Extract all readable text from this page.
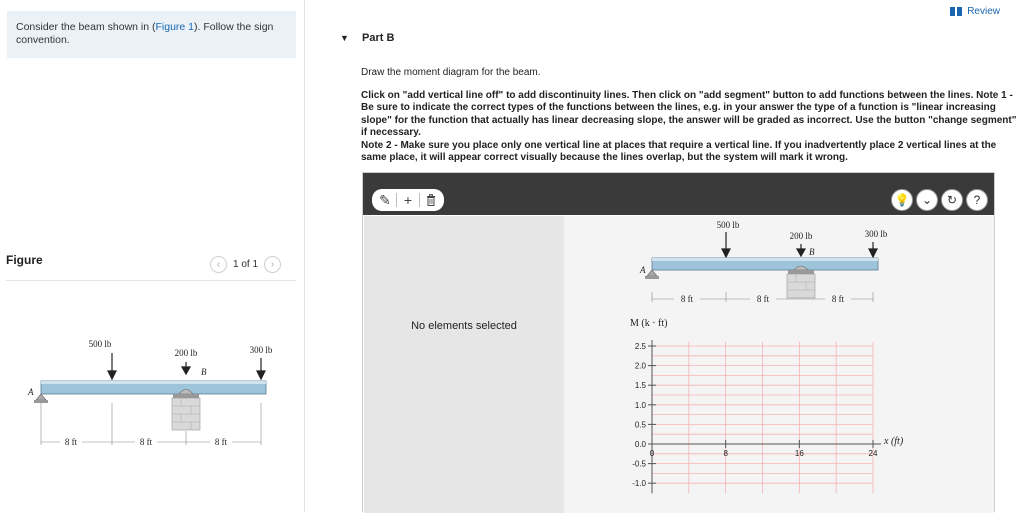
Consider the beam shown in (Figure 1). Follow the sign convention.
Figure	‹	1 of 1	›
500 lb
200 lb	300 lb
B
A
8 ft	8 ft	8 ft
Review
▼ Part B

Draw the moment diagram for the beam.

Click on "add vertical line off" to add discontinuity lines. Then click on "add segment" button to add functions between the lines. Note 1 - Be sure to indicate the correct types of the functions between the lines, e.g. in your answer the type of a function is "linear increasing slope" for the function that actually has linear decreasing slope, the answer will be graded as incorrect. Use the button "change segment" if necessary.

Note 2 - Make sure you place only one vertical line at places that require a vertical line. If you inadvertently place 2 vertical lines at the same place, it will appear correct visually because the lines overlap, but the system will mark it wrong.

✎ +	💡	⌄	↻	?
No elements selected
500 lb
200 lb	300 lb
B
A
8 ft	8 ft	8 ft
M (k · ft)
2.5
2.0
1.5
1.0
0.5
0.0
-0.5
-1.0
0	8	16	24
x (ft)
